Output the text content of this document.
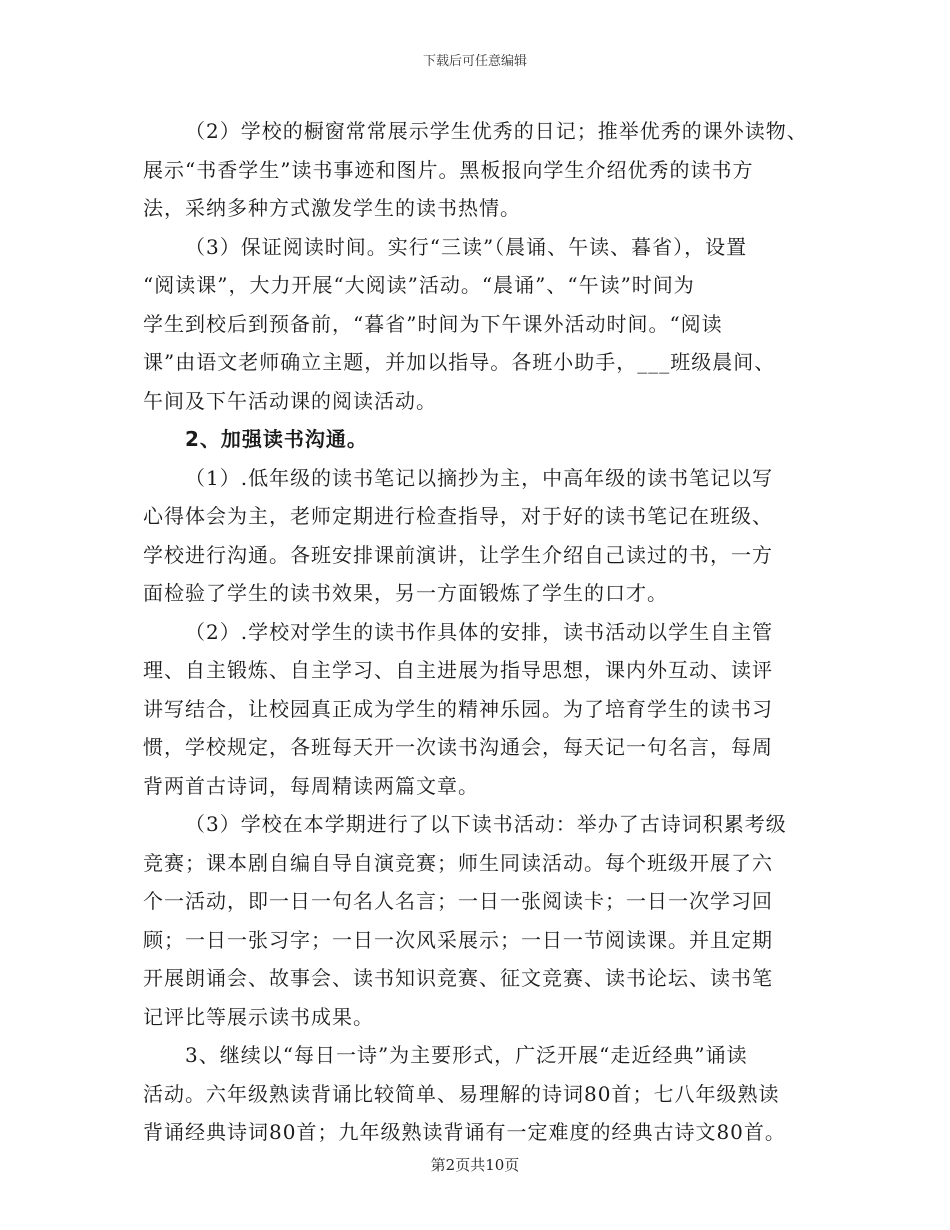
下载后可任意编辑
（2）学校的橱窗常常展示学生优秀的日记；推举优秀的课外读物、
展示“书香学生”读书事迹和图片。黑板报向学生介绍优秀的读书方
法，采纳多种方式激发学生的读书热情。
（3）保证阅读时间。实行“三读”（晨诵、午读、暮省），设置
“阅读课”，大力开展“大阅读”活动。“晨诵”、“午读”时间为
学生到校后到预备前，“暮省”时间为下午课外活动时间。“阅读
课”由语文老师确立主题，并加以指导。各班小助手，___班级晨间、
午间及下午活动课的阅读活动。
2、加强读书沟通。
（1）.低年级的读书笔记以摘抄为主，中高年级的读书笔记以写
心得体会为主，老师定期进行检查指导，对于好的读书笔记在班级、
学校进行沟通。各班安排课前演讲，让学生介绍自己读过的书，一方
面检验了学生的读书效果，另一方面锻炼了学生的口才。
（2）.学校对学生的读书作具体的安排，读书活动以学生自主管
理、自主锻炼、自主学习、自主进展为指导思想，课内外互动、读评
讲写结合，让校园真正成为学生的精神乐园。为了培育学生的读书习
惯，学校规定，各班每天开一次读书沟通会，每天记一句名言，每周
背两首古诗词，每周精读两篇文章。
（3）学校在本学期进行了以下读书活动：举办了古诗词积累考级
竞赛；课本剧自编自导自演竞赛；师生同读活动。每个班级开展了六
个一活动，即一日一句名人名言；一日一张阅读卡；一日一次学习回
顾；一日一张习字；一日一次风采展示；一日一节阅读课。并且定期
开展朗诵会、故事会、读书知识竞赛、征文竞赛、读书论坛、读书笔
记评比等展示读书成果。
3、继续以“每日一诗”为主要形式，广泛开展“走近经典”诵读
活动。六年级熟读背诵比较简单、易理解的诗词80首；七八年级熟读
背诵经典诗词80首；九年级熟读背诵有一定难度的经典古诗文80首。
第2页共10页
